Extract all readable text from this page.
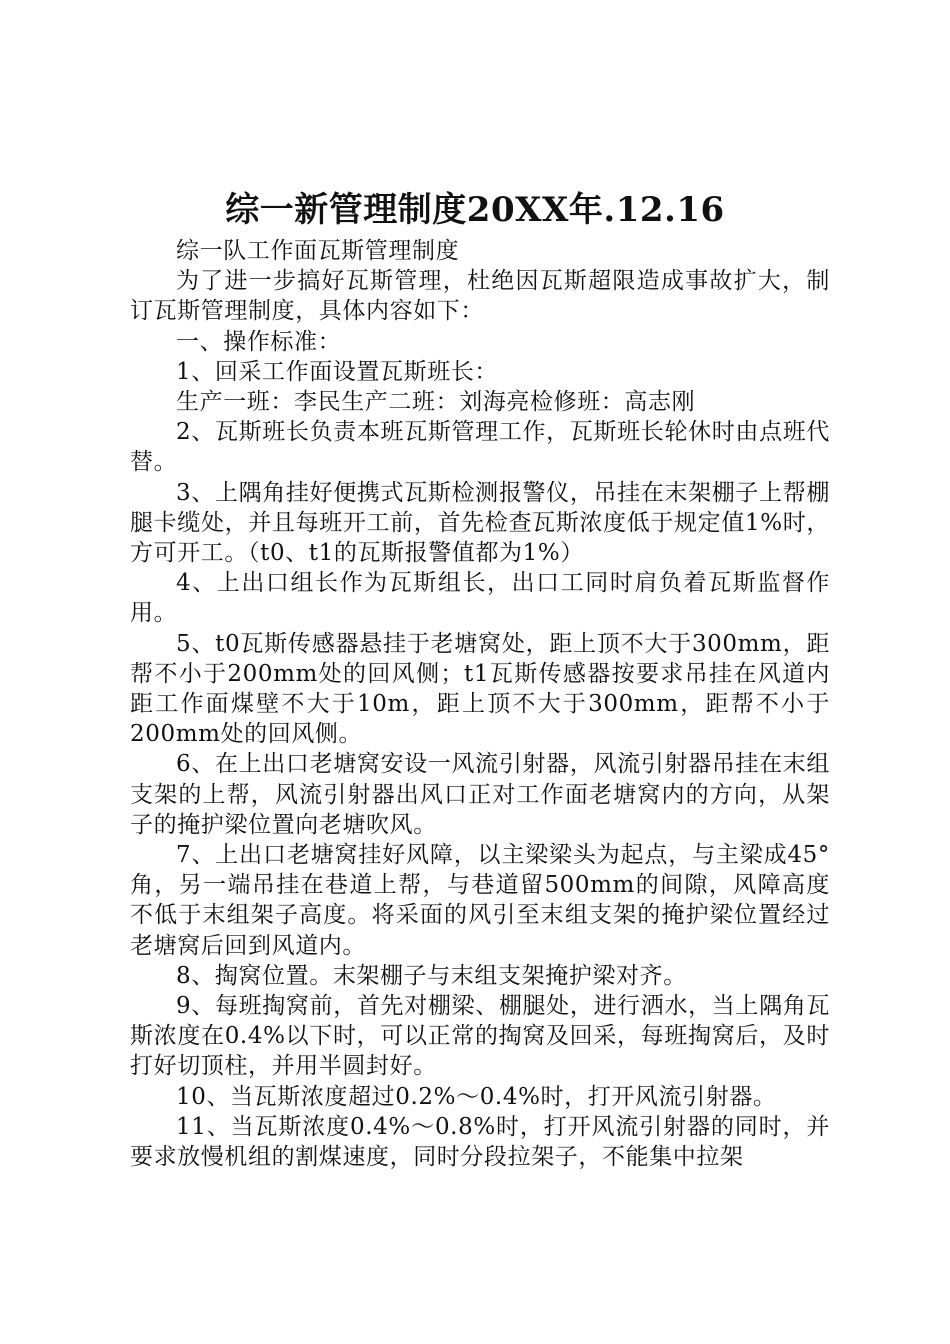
综一新管理制度20XX年.12.16

综一队工作面瓦斯管理制度

为了进一步搞好瓦斯管理，杜绝因瓦斯超限造成事故扩大，制订瓦斯管理制度，具体内容如下：

一、操作标准：

1、回采工作面设置瓦斯班长：

生产一班：李民生产二班：刘海亮检修班：高志刚

2、瓦斯班长负责本班瓦斯管理工作，瓦斯班长轮休时由点班代替。

3、上隅角挂好便携式瓦斯检测报警仪，吊挂在末架棚子上帮棚腿卡缆处，并且每班开工前，首先检查瓦斯浓度低于规定值1%时，方可开工。（t0、t1的瓦斯报警值都为1%）

4、上出口组长作为瓦斯组长，出口工同时肩负着瓦斯监督作用。

5、t0瓦斯传感器悬挂于老塘窝处，距上顶不大于300mm，距帮不小于200mm处的回风侧；t1瓦斯传感器按要求吊挂在风道内距工作面煤壁不大于10m，距上顶不大于300mm，距帮不小于200mm处的回风侧。

6、在上出口老塘窝安设一风流引射器，风流引射器吊挂在末组支架的上帮，风流引射器出风口正对工作面老塘窝内的方向，从架子的掩护梁位置向老塘吹风。

7、上出口老塘窝挂好风障，以主梁梁头为起点，与主梁成45°角，另一端吊挂在巷道上帮，与巷道留500mm的间隙，风障高度不低于末组架子高度。将采面的风引至末组支架的掩护梁位置经过老塘窝后回到风道内。

8、掏窝位置。末架棚子与末组支架掩护梁对齐。

9、每班掏窝前，首先对棚梁、棚腿处，进行洒水，当上隅角瓦斯浓度在0.4%以下时，可以正常的掏窝及回采，每班掏窝后，及时打好切顶柱，并用半圆封好。

10、当瓦斯浓度超过0.2%～0.4%时，打开风流引射器。

11、当瓦斯浓度0.4%～0.8%时，打开风流引射器的同时，并要求放慢机组的割煤速度，同时分段拉架子，不能集中拉架
